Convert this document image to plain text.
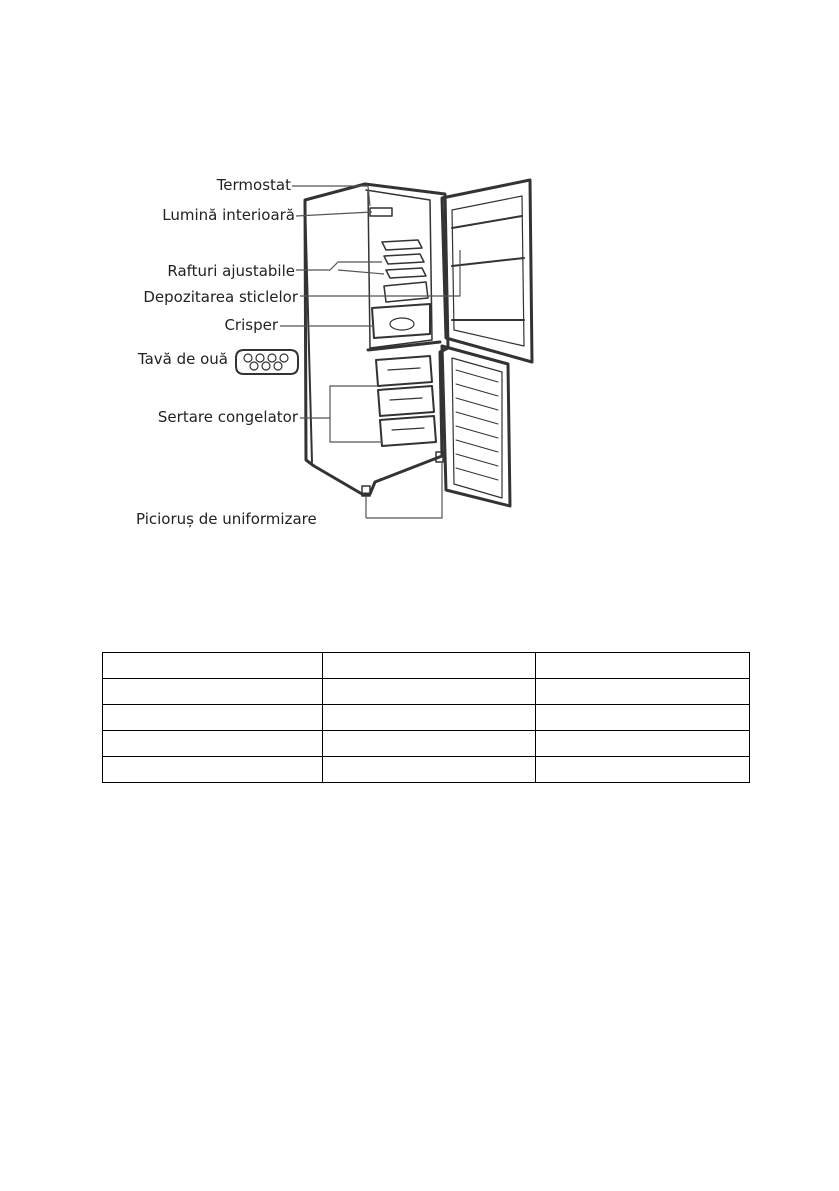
Termostat
Lumină interioară
Rafturi ajustabile
Depozitarea sticlelor
Crisper
Tavă de ouă
Sertare congelator
Picioruș de uniformizare
